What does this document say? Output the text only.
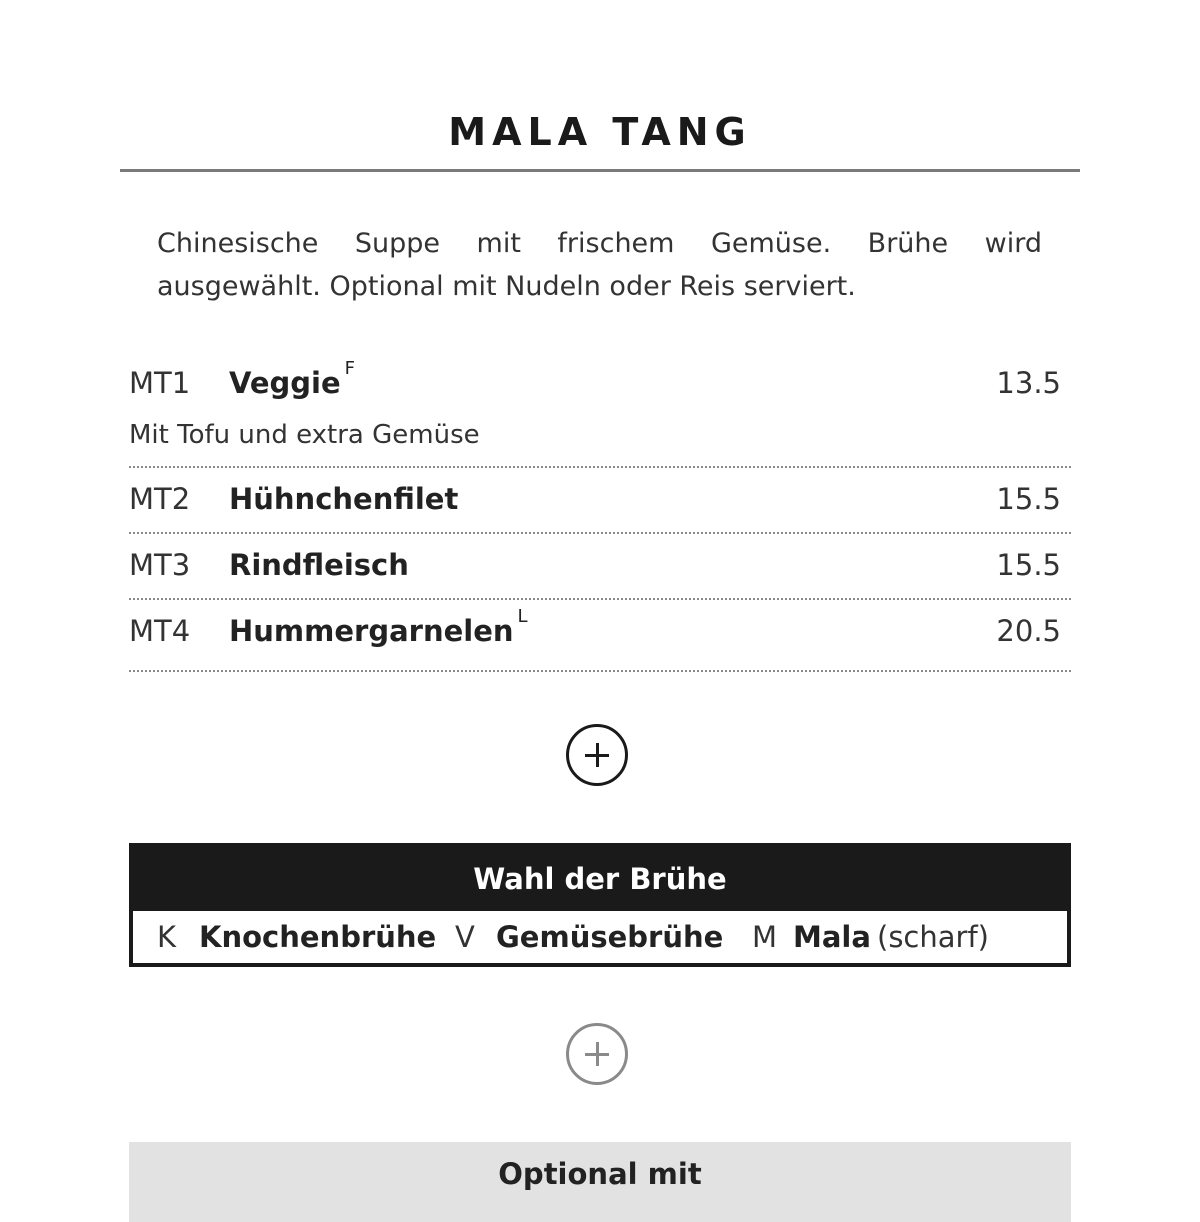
MALA TANG
Chinesische Suppe mit frischem Gemüse. Brühe wird ausgewählt. Optional mit Nudeln oder Reis serviert.
MT1 Veggie $^F$	13.5
Mit Tofu und extra Gemüse
MT2 Hühnchenfilet	15.5
MT3 Rindfleisch	15.5
MT4 Hummergarnelen $^L$	20.5
Wahl der Brühe
K Knochenbrühe V Gemüsebrühe M Mala (scharf)
Optional mit
